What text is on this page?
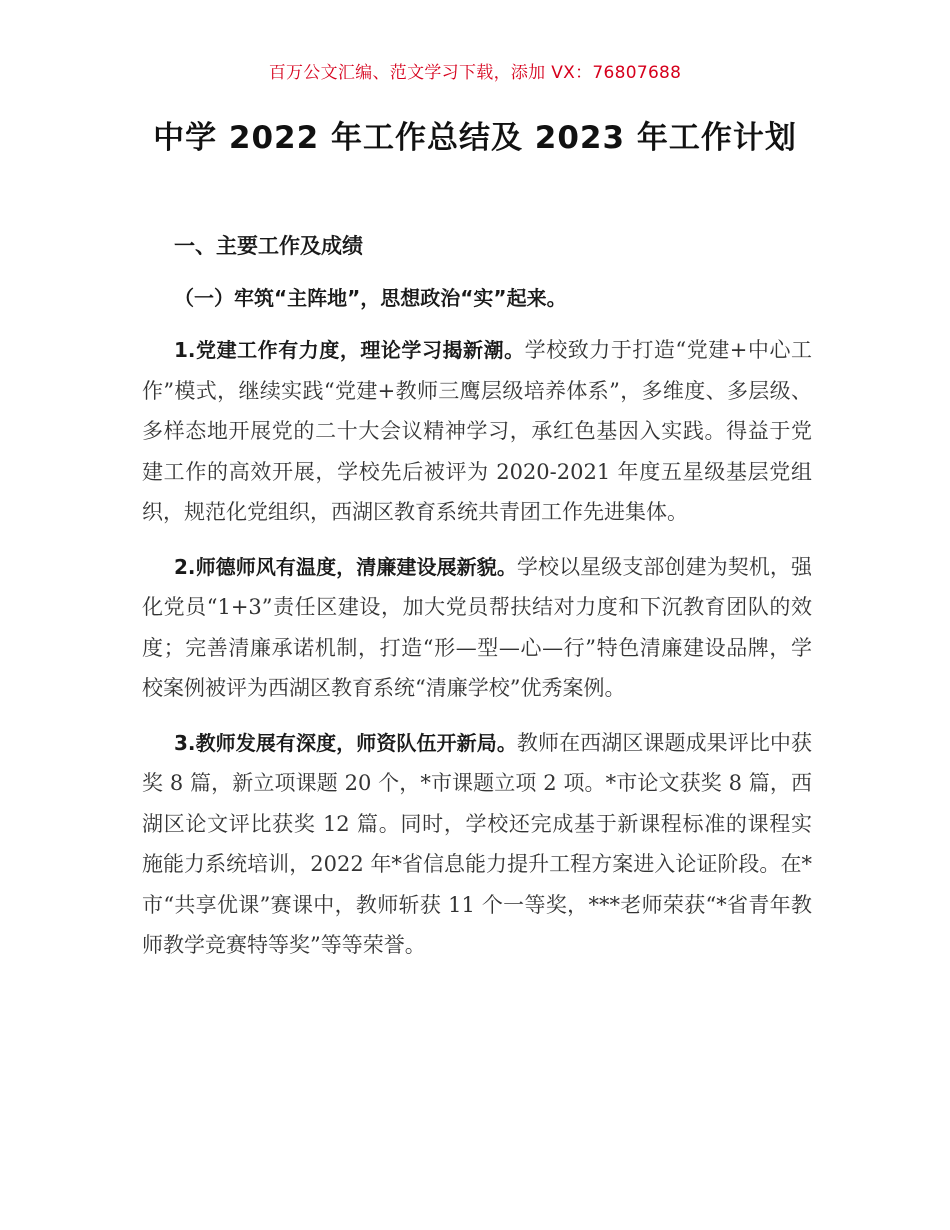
百万公文汇编、范文学习下载，添加 VX：76807688
中学 2022 年工作总结及 2023 年工作计划
一、主要工作及成绩
（一）牢筑“主阵地”，思想政治“实”起来。

1.党建工作有力度，理论学习揭新潮。学校致力于打造“党建+中心工作”模式，继续实践“党建+教师三鹰层级培养体系”，多维度、多层级、多样态地开展党的二十大会议精神学习，承红色基因入实践。得益于党建工作的高效开展，学校先后被评为 2020-2021 年度五星级基层党组织，规范化党组织，西湖区教育系统共青团工作先进集体。

2.师德师风有温度，清廉建设展新貌。学校以星级支部创建为契机，强化党员“1+3”责任区建设，加大党员帮扶结对力度和下沉教育团队的效度；完善清廉承诺机制，打造“形—型—心—行”特色清廉建设品牌，学校案例被评为西湖区教育系统“清廉学校”优秀案例。

3.教师发展有深度，师资队伍开新局。教师在西湖区课题成果评比中获奖 8 篇，新立项课题 20 个，*市课题立项 2 项。*市论文获奖 8 篇，西湖区论文评比获奖 12 篇。同时，学校还完成基于新课程标准的课程实施能力系统培训，2022 年*省信息能力提升工程方案进入论证阶段。在*市“共享优课”赛课中，教师斩获 11 个一等奖，***老师荣获“*省青年教师教学竞赛特等奖”等等荣誉。
